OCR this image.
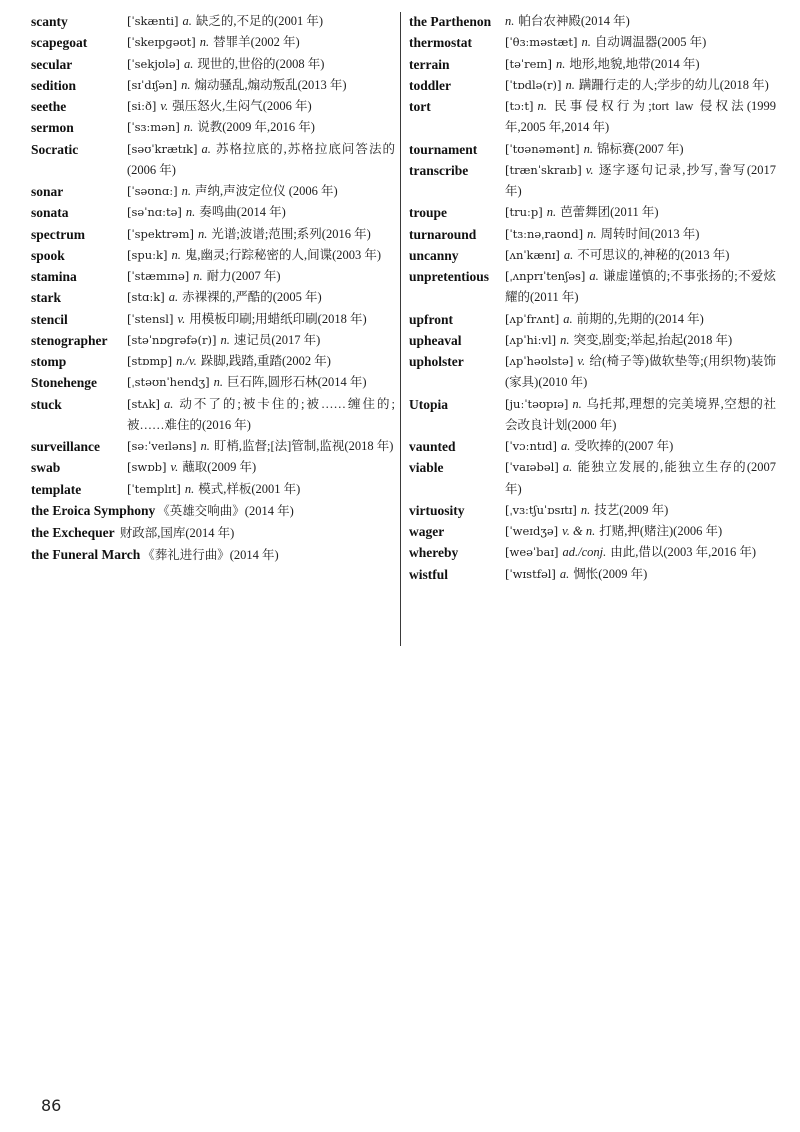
scanty	[ˈskænti] a. 缺乏的,不足的(2001 年)
scapegoat	[ˈskeɪpɡəʊt] n. 替罪羊(2002 年)
secular	[ˈsekjʊlə] a. 现世的,世俗的(2008 年)
sedition	[sɪˈdɪʃən] n. 煽动骚乱,煽动叛乱(2013 年)
seethe	[siːð] v. 强压怒火,生闷气(2006 年)
sermon	[ˈsɜːmən] n. 说教(2009 年,2016 年)
Socratic	[səʊˈkrætɪk] a. 苏格拉底的,苏格拉底问答法的(2006 年)
sonar	[ˈsəʊnɑː] n. 声纳,声波定位仪 (2006 年)
sonata	[səˈnɑːtə] n. 奏鸣曲(2014 年)
spectrum	[ˈspektrəm] n. 光谱;波谱;范围;系列(2016 年)
spook	[spuːk] n. 鬼,幽灵;行踪秘密的人,间谍(2003 年)
stamina	[ˈstæmɪnə] n. 耐力(2007 年)
stark	[stɑːk] a. 赤裸裸的,严酷的(2005 年)
stencil	[ˈstensl] v. 用模板印刷;用蜡纸印刷(2018 年)
stenographer	[stəˈnɒɡrəfə(r)] n. 速记员(2017 年)
stomp	[stɒmp] n./v. 跺脚,践踏,重踏(2002 年)
Stonehenge	[ˌstəʊnˈhendʒ] n. 巨石阵,圆形石林(2014 年)
stuck	[stʌk] a. 动不了的;被卡住的;被……缠住的;被……难住的(2016 年)
surveillance	[səːˈveɪləns] n. 盯梢,监督;[法]管制,监视(2018 年)
swab	[swɒb] v. 蘸取(2009 年)
template	[ˈtemplɪt] n. 模式,样板(2001 年)
the Eroica Symphony 《英雄交响曲》(2014 年)
the Exchequer 财政部,国库(2014 年)
the Funeral March 《葬礼进行曲》(2014 年)
the Parthenon	n. 帕台农神殿(2014 年)
thermostat	[ˈθɜːməstæt] n. 自动调温器(2005 年)
terrain	[təˈreɪn] n. 地形,地貌,地带(2014 年)
toddler	[ˈtɒdlə(r)] n. 蹒跚行走的人;学步的幼儿(2018 年)
tort	[tɔːt] n. 民事侵权行为;tort law 侵权法(1999 年,2005 年,2014 年)
tournament	[ˈtʊənəmənt] n. 锦标赛(2007 年)
transcribe	[trænˈskraɪb] v. 逐字逐句记录,抄写,誊写(2017 年)
troupe	[truːp] n. 芭蕾舞团(2011 年)
turnaround	[ˈtɜːnəˌraʊnd] n. 周转时间(2013 年)
uncanny	[ʌnˈkænɪ] a. 不可思议的,神秘的(2013 年)
unpretentious	[ˌʌnprɪˈtenʃəs] a. 谦虚谨慎的;不事张扬的;不爱炫耀的(2011 年)
upfront	[ʌpˈfrʌnt] a. 前期的,先期的(2014 年)
upheaval	[ʌpˈhiːvl] n. 突变,剧变;举起,抬起(2018 年)
upholster	[ʌpˈhəʊlstə] v. 给(椅子等)做软垫等;(用织物)装饰(家具)(2010 年)
Utopia	[juːˈtəʊpɪə] n. 乌托邦,理想的完美境界,空想的社会改良计划(2000 年)
vaunted	[ˈvɔːntɪd] a. 受吹捧的(2007 年)
viable	[ˈvaɪəbəl] a. 能独立发展的,能独立生存的(2007 年)
virtuosity	[ˌvɜːtʃuˈɒsɪtɪ] n. 技艺(2009 年)
wager	[ˈweɪdʒə] v. & n. 打赌,押(赌注)(2006 年)
whereby	[weəˈbaɪ] ad./conj. 由此,借以(2003 年,2016 年)
wistful	[ˈwɪstfəl] a. 惆怅(2009 年)
86
